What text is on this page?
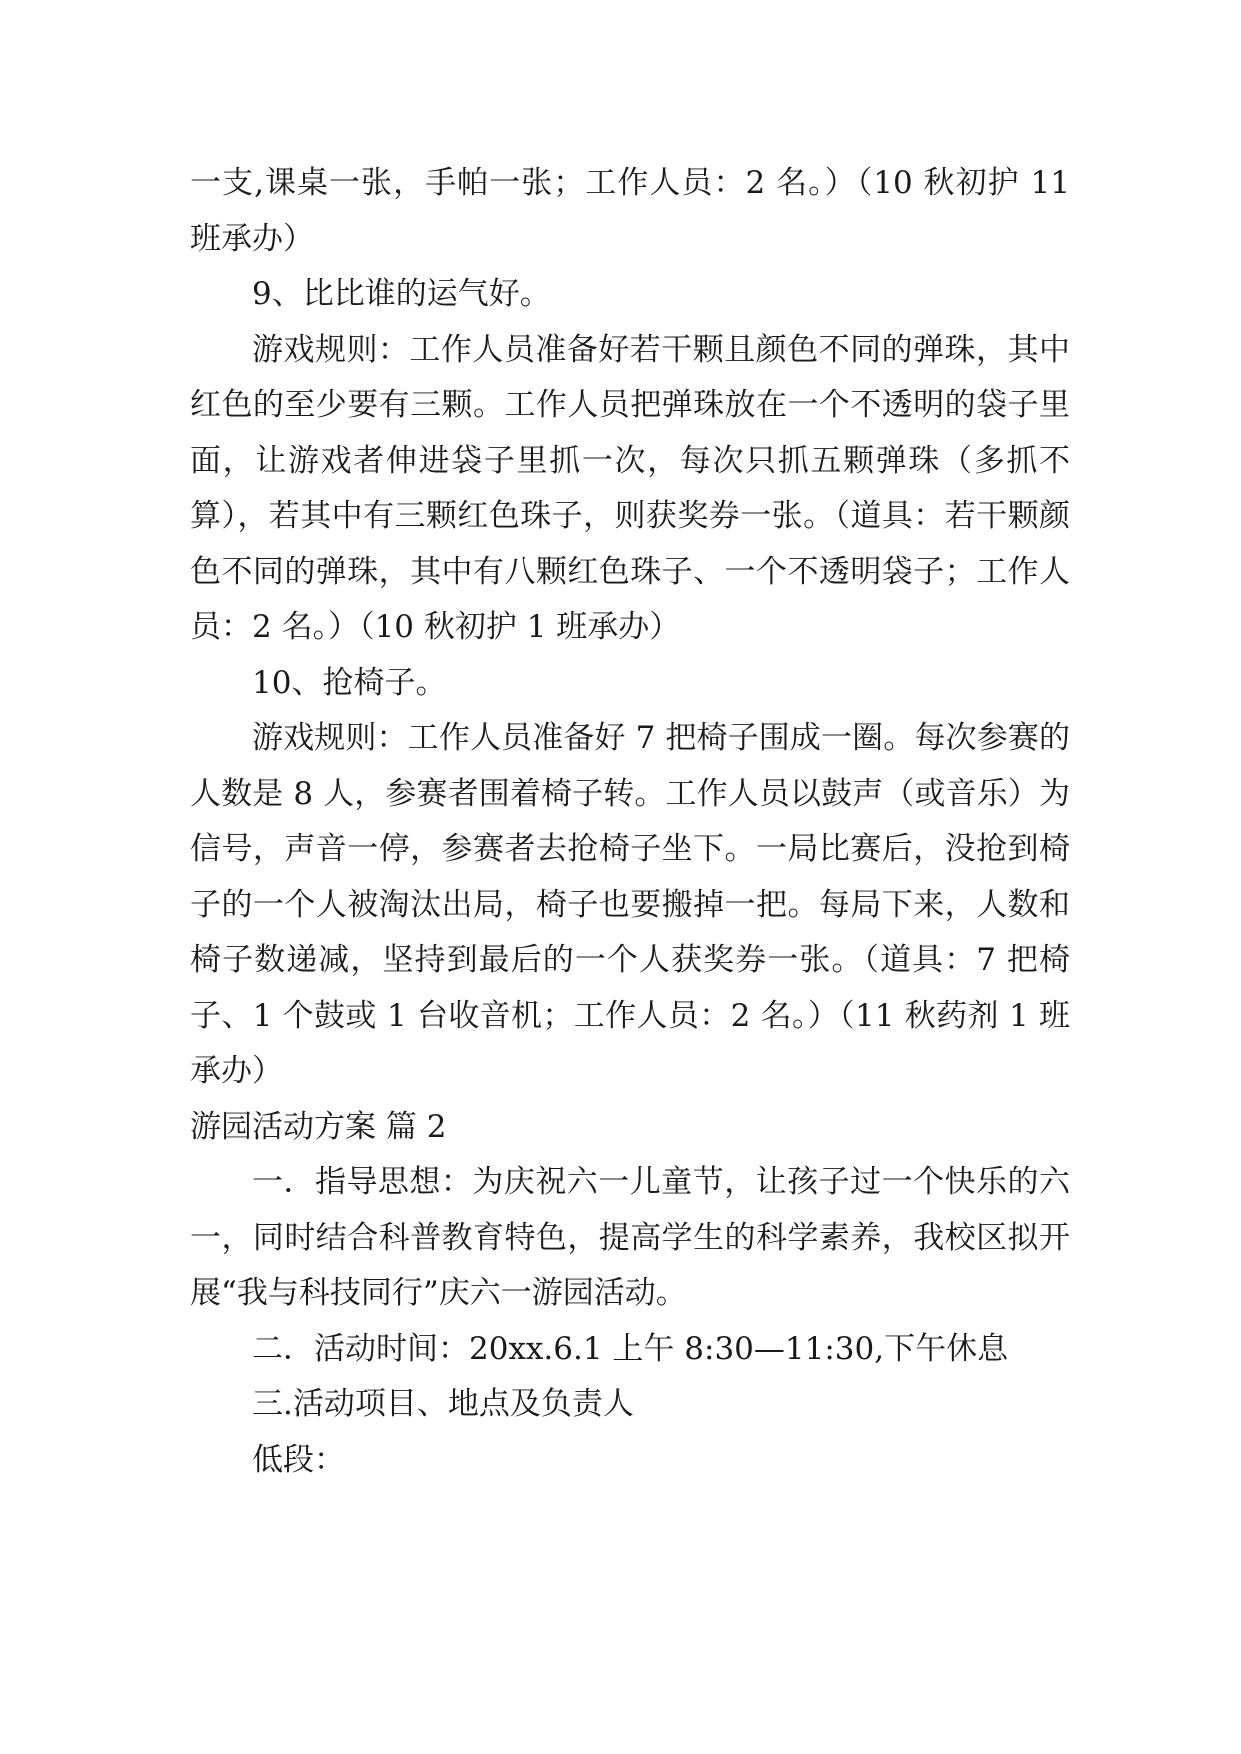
一支,课桌一张，手帕一张；工作人员：2 名。）（10 秋初护 11 班承办）

9、比比谁的运气好。

游戏规则：工作人员准备好若干颗且颜色不同的弹珠，其中红色的至少要有三颗。工作人员把弹珠放在一个不透明的袋子里面，让游戏者伸进袋子里抓一次，每次只抓五颗弹珠（多抓不算），若其中有三颗红色珠子，则获奖券一张。（道具：若干颗颜色不同的弹珠，其中有八颗红色珠子、一个不透明袋子；工作人员：2 名。）（10 秋初护 1 班承办）

10、抢椅子。

游戏规则：工作人员准备好 7 把椅子围成一圈。每次参赛的人数是 8 人，参赛者围着椅子转。工作人员以鼓声（或音乐）为信号，声音一停，参赛者去抢椅子坐下。一局比赛后，没抢到椅子的一个人被淘汰出局，椅子也要搬掉一把。每局下来，人数和椅子数递减，坚持到最后的一个人获奖券一张。（道具：7 把椅子、1 个鼓或 1 台收音机；工作人员：2 名。）（11 秋药剂 1 班承办）

游园活动方案 篇 2

一．指导思想：为庆祝六一儿童节，让孩子过一个快乐的六一，同时结合科普教育特色，提高学生的科学素养，我校区拟开展“我与科技同行”庆六一游园活动。

二．活动时间：20xx.6.1 上午 8:30—11:30,下午休息

三.活动项目、地点及负责人

低段：
